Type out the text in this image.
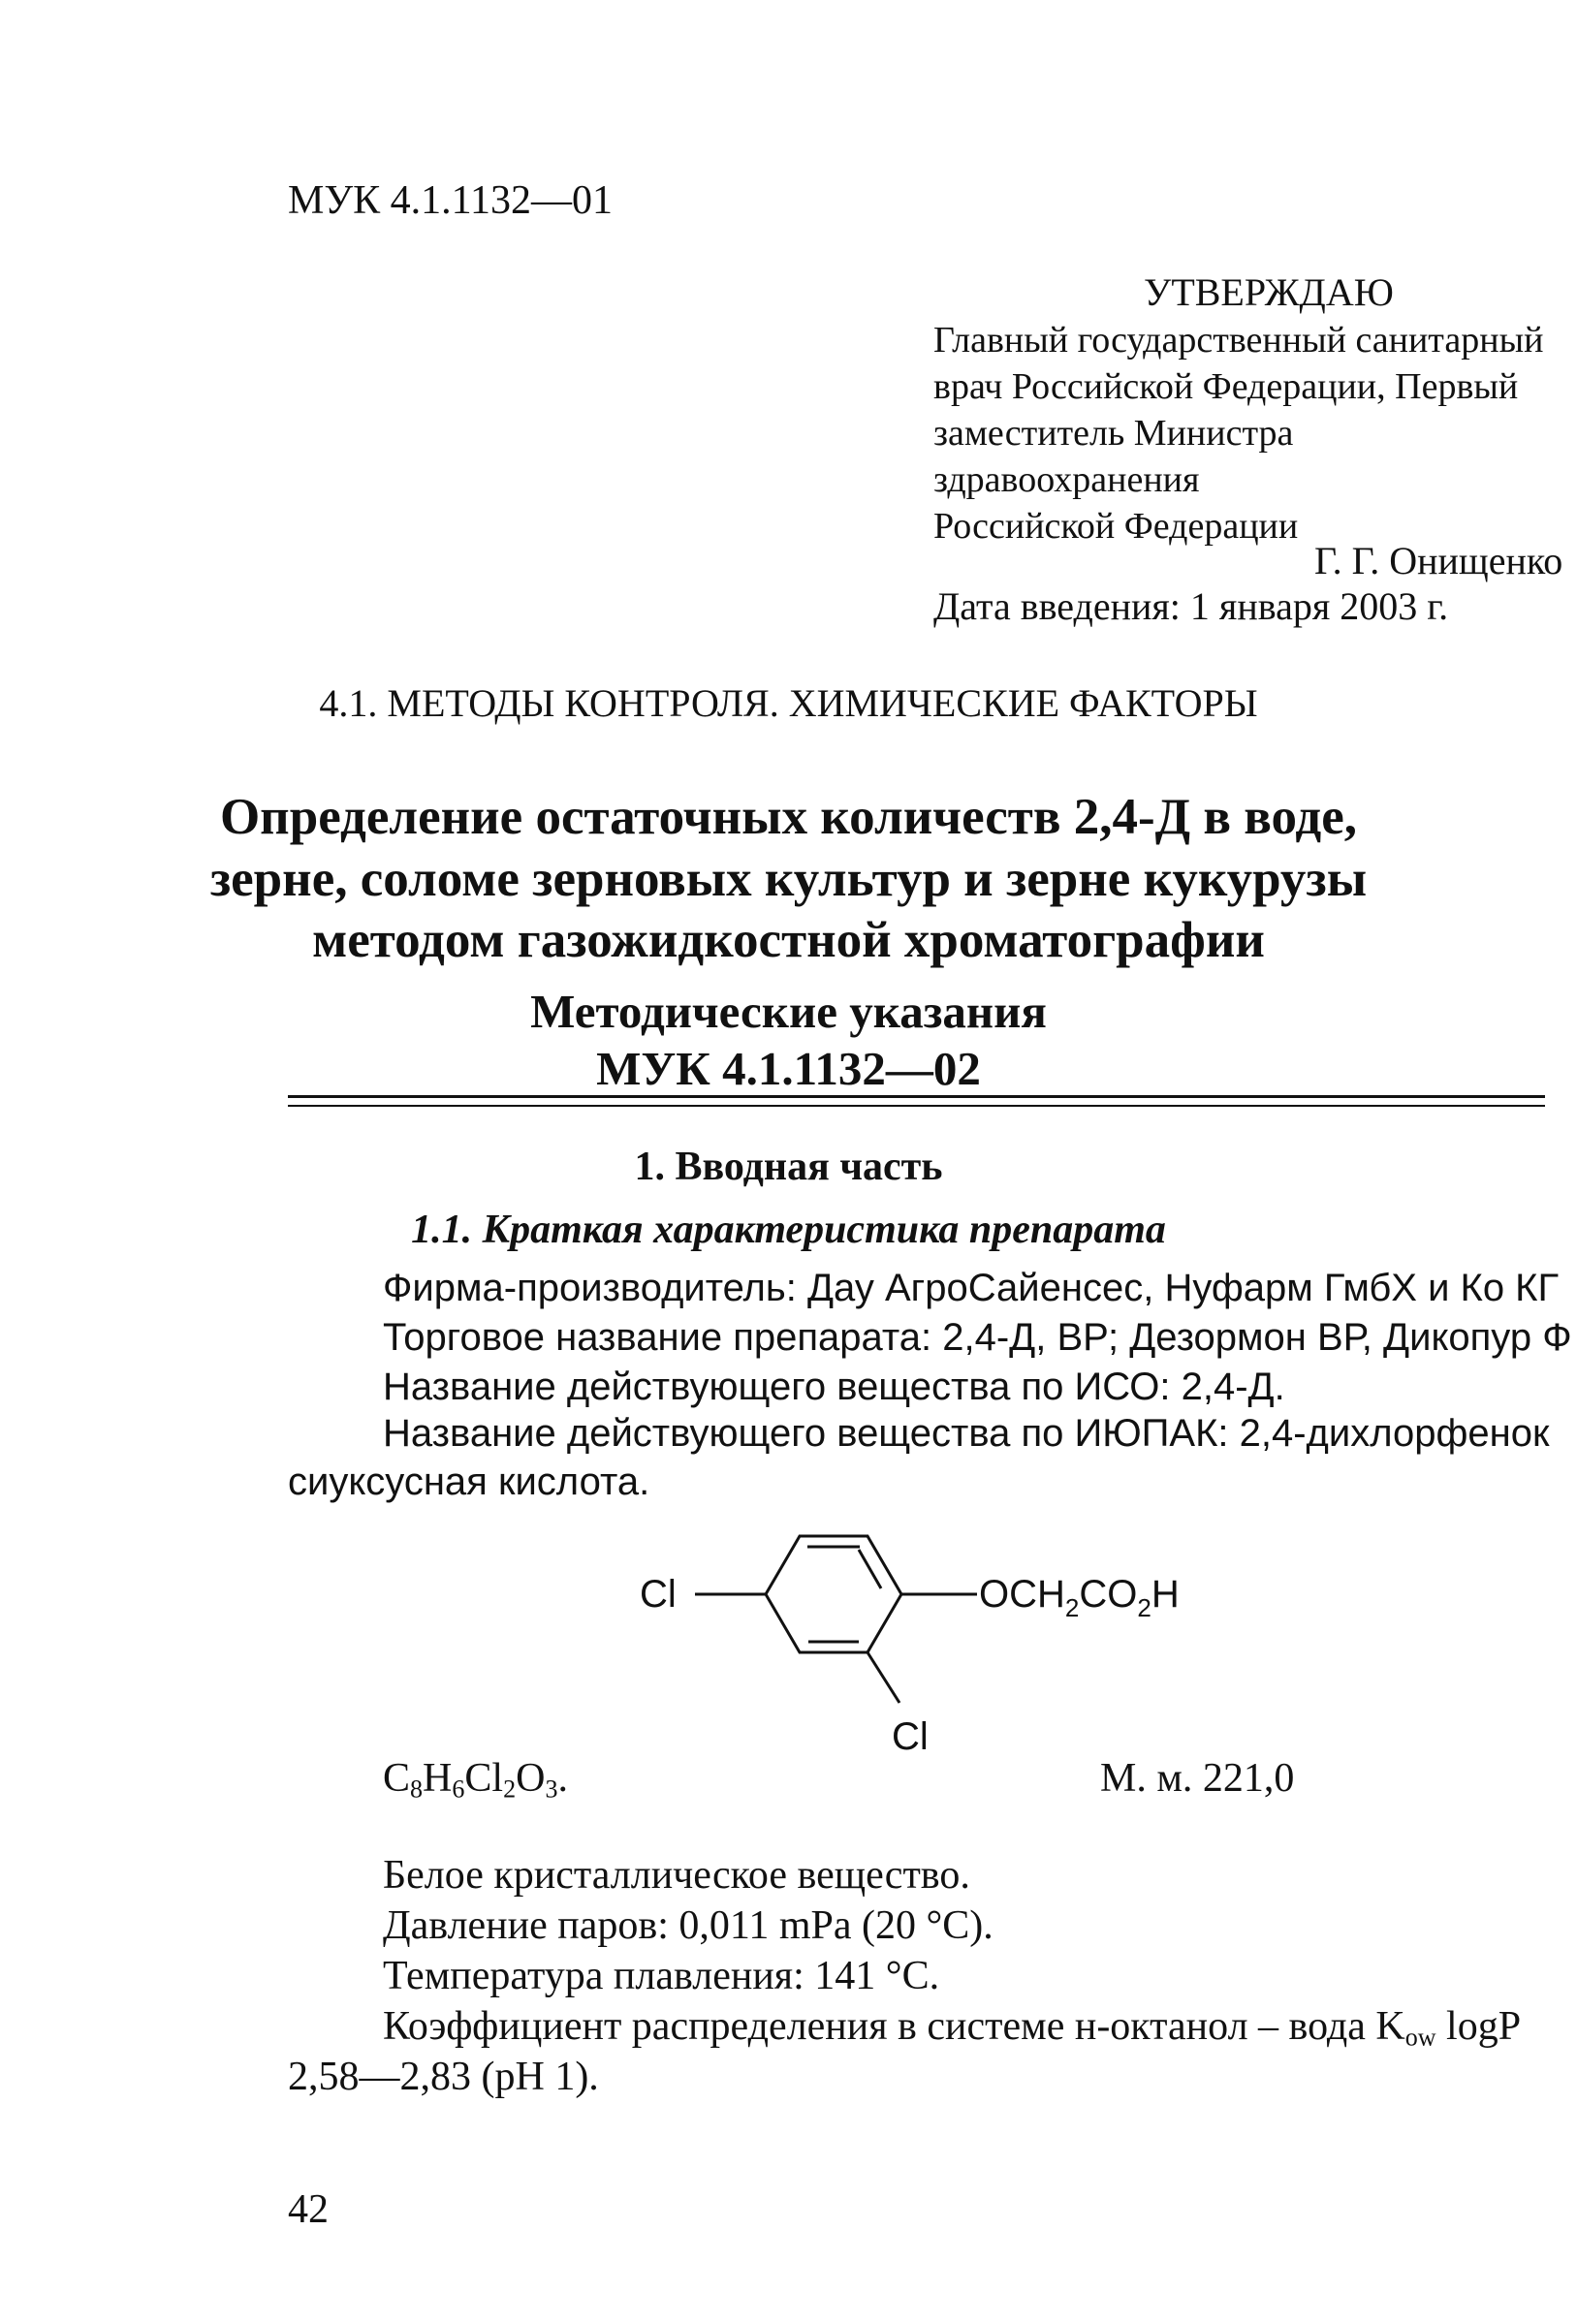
МУК 4.1.1132—01
УТВЕРЖДАЮ
Главный государственный санитарный
врач Российской Федерации, Первый
заместитель Министра здравоохранения
Российской Федерации
Г. Г. Онищенко
Дата введения: 1 января 2003 г.
4.1. МЕТОДЫ КОНТРОЛЯ. ХИМИЧЕСКИЕ ФАКТОРЫ
Определение остаточных количеств 2,4-Д в воде,
зерне, соломе зерновых культур и зерне кукурузы
методом газожидкостной хроматографии
Методические указания
МУК 4.1.1132—02
1. Вводная часть
1.1. Краткая характеристика препарата
Фирма-производитель: Дау АгроСайенсес, Нуфарм ГмбХ и Ко КГ
Торговое название препарата: 2,4-Д, ВР; Дезормон ВР, Дикопур Ф
Название действующего вещества по ИСО: 2,4-Д.
Название действующего вещества по ИЮПАК: 2,4-дихлорфенок
сиуксусная кислота.
Cl	$OCH_2CO_2H$
Cl
$C_8H_6Cl_2O_3$.	М. м. 221,0
Белое кристаллическое вещество.
Давление паров: 0,011 mPa (20 °С).
Температура плавления: 141 °С.
Коэффициент распределения в системе н-октанол – вода $K_{ow}$ logP
2,58—2,83 (рН 1).
42
